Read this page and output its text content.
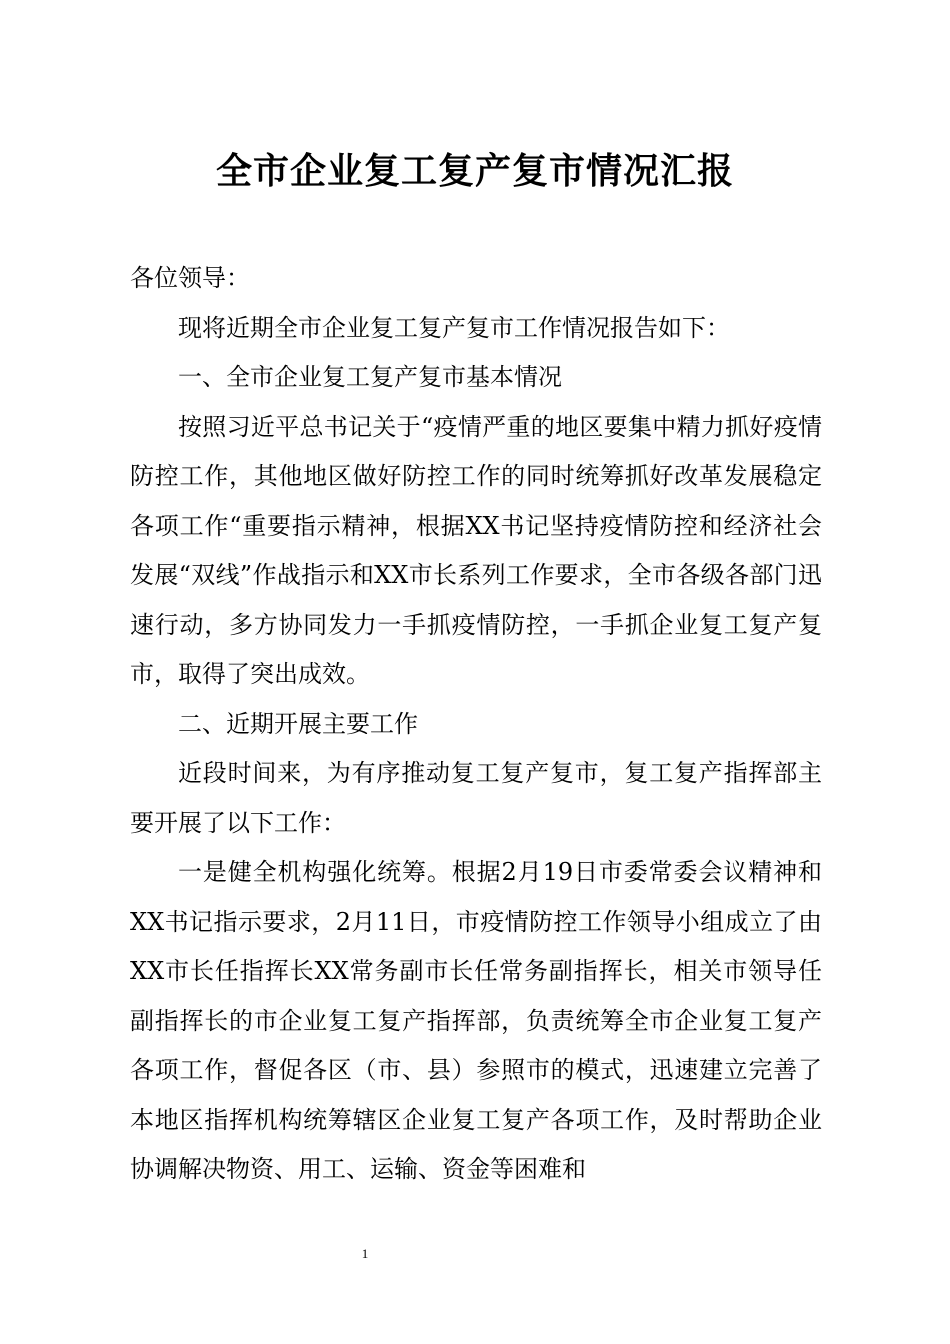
全市企业复工复产复市情况汇报

各位领导：

现将近期全市企业复工复产复市工作情况报告如下：

一、全市企业复工复产复市基本情况

按照习近平总书记关于“疫情严重的地区要集中精力抓好疫情防控工作，其他地区做好防控工作的同时统筹抓好改革发展稳定各项工作“重要指示精神，根据XX书记坚持疫情防控和经济社会发展“双线”作战指示和XX市长系列工作要求，全市各级各部门迅速行动，多方协同发力一手抓疫情防控，一手抓企业复工复产复市，取得了突出成效。

二、近期开展主要工作

近段时间来，为有序推动复工复产复市，复工复产指挥部主要开展了以下工作：

一是健全机构强化统筹。根据2月19日市委常委会议精神和XX书记指示要求，2月11日，市疫情防控工作领导小组成立了由XX市长任指挥长XX常务副市长任常务副指挥长，相关市领导任副指挥长的市企业复工复产指挥部，负责统筹全市企业复工复产各项工作，督促各区（市、县）参照市的模式，迅速建立完善了本地区指挥机构统筹辖区企业复工复产各项工作，及时帮助企业协调解决物资、用工、运输、资金等困难和

1
